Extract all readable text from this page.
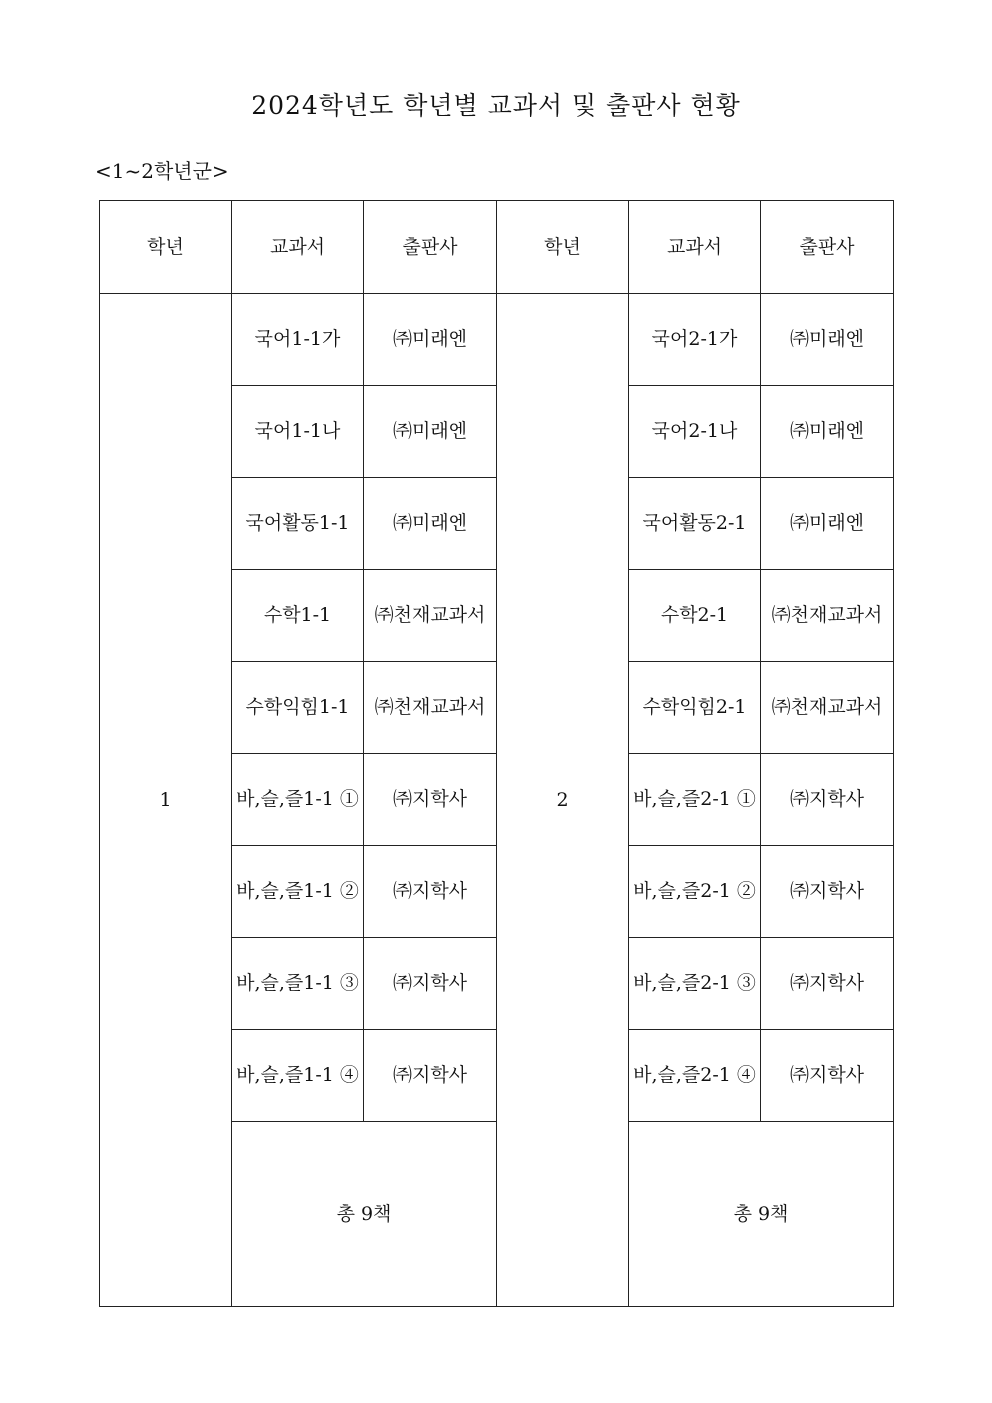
2024학년도 학년별 교과서 및 출판사 현황
<1~2학년군>
학년	교과서	출판사	학년	교과서	출판사
1	국어1-1가	㈜미래엔	2	국어2-1가	㈜미래엔
	국어1-1나	㈜미래엔		국어2-1나	㈜미래엔
	국어활동1-1	㈜미래엔		국어활동2-1	㈜미래엔
	수학1-1	㈜천재교과서		수학2-1	㈜천재교과서
	수학익힘1-1	㈜천재교과서		수학익힘2-1	㈜천재교과서
	바,슬,즐1-1 ①	㈜지학사		바,슬,즐2-1 ①	㈜지학사
	바,슬,즐1-1 ②	㈜지학사		바,슬,즐2-1 ②	㈜지학사
	바,슬,즐1-1 ③	㈜지학사		바,슬,즐2-1 ③	㈜지학사
	바,슬,즐1-1 ④	㈜지학사		바,슬,즐2-1 ④	㈜지학사
	총 9책			총 9책	
